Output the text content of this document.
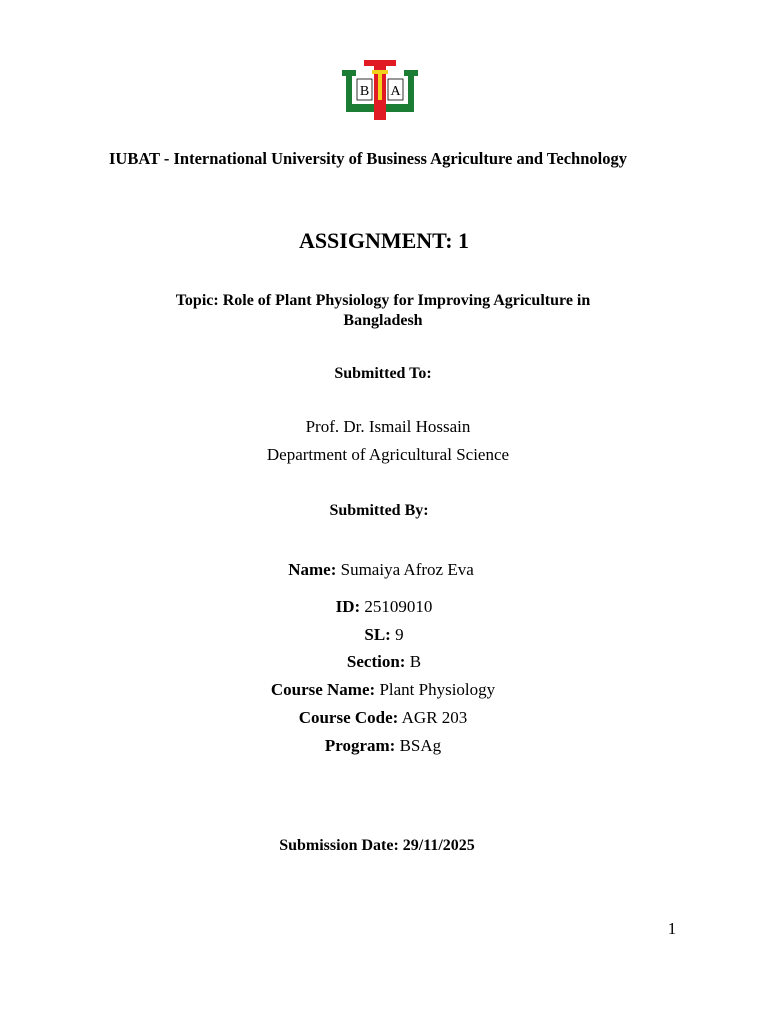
B A
IUBAT - International University of Business Agriculture and Technology
ASSIGNMENT: 1
Topic: Role of Plant Physiology for Improving Agriculture in
Bangladesh
Submitted To:
Prof. Dr. Ismail Hossain
Department of Agricultural Science
Submitted By:
Name: Sumaiya Afroz Eva
ID: 25109010
SL: 9
Section: B
Course Name: Plant Physiology
Course Code: AGR 203
Program: BSAg
Submission Date: 29/11/2025
1
